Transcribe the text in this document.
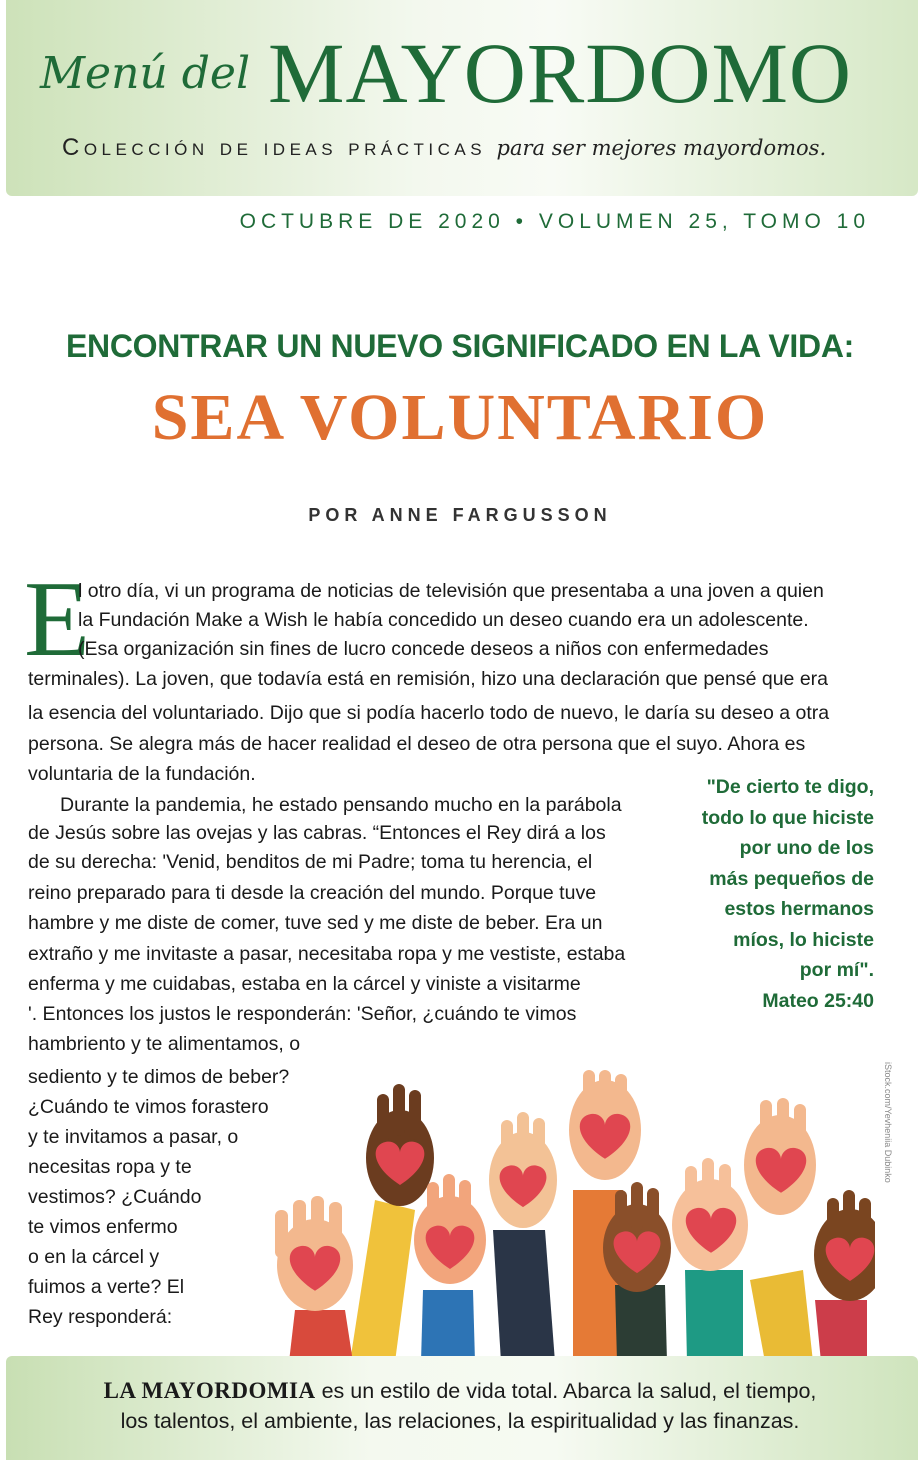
Menú del MAYORDOMO
Colección de ideas prácticas para ser mejores mayordomos.
OCTUBRE DE 2020 • VOLUMEN 25, TOMO 10
ENCONTRAR UN NUEVO SIGNIFICADO EN LA VIDA:
SEA VOLUNTARIO
POR ANNE FARGUSSON
E
l otro día, vi un programa de noticias de televisión que presentaba a una joven a quien
la Fundación Make a Wish le había concedido un deseo cuando era un adolescente.
(Esa organización sin fines de lucro concede deseos a niños con enfermedades
terminales). La joven, que todavía está en remisión, hizo una declaración que pensé que era
la esencia del voluntariado. Dijo que si podía hacerlo todo de nuevo, le daría su deseo a otra
persona. Se alegra más de hacer realidad el deseo de otra persona que el suyo. Ahora es
voluntaria de la fundación.
Durante la pandemia, he estado pensando mucho en la parábola
de Jesús sobre las ovejas y las cabras. “Entonces el Rey dirá a los
de su derecha: 'Venid, benditos de mi Padre; toma tu herencia, el
reino preparado para ti desde la creación del mundo. Porque tuve
hambre y me diste de comer, tuve sed y me diste de beber. Era un
extraño y me invitaste a pasar, necesitaba ropa y me vestiste, estaba
enferma y me cuidabas, estaba en la cárcel y viniste a visitarme
'. Entonces los justos le responderán: 'Señor, ¿cuándo te vimos
hambriento y te alimentamos, o
sediento y te dimos de beber?
¿Cuándo te vimos forastero
y te invitamos a pasar, o
necesitas ropa y te
vestimos? ¿Cuándo
te vimos enfermo
o en la cárcel y
fuimos a verte? El
Rey responderá:
"De cierto te digo,
todo lo que hiciste
por uno de los
más pequeños de
estos hermanos
míos, lo hiciste
por mí".
Mateo 25:40
iStock.com/Yevheniia Dubinko
LA MAYORDOMIA es un estilo de vida total. Abarca la salud, el tiempo,
los talentos, el ambiente, las relaciones, la espiritualidad y las finanzas.
